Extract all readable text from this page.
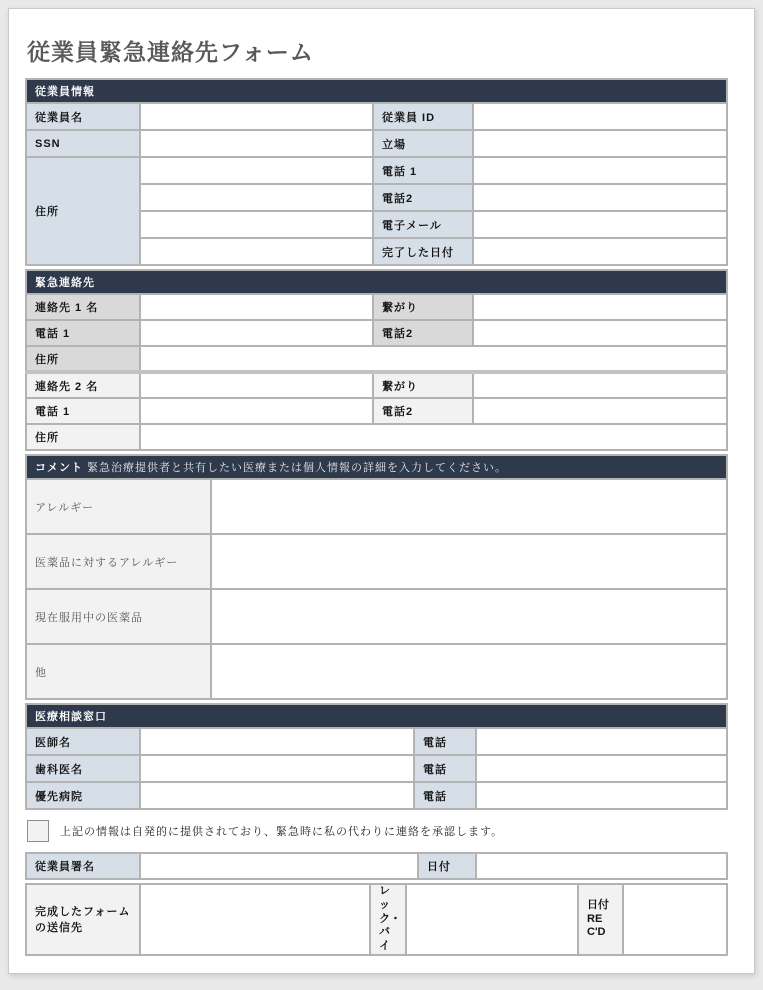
従業員緊急連絡先フォーム
従業員情報			
従業員名		従業員 ID	
SSN		立場	
住所		電話 1	
		電話2	
		電子メール	
		完了した日付	
緊急連絡先			
連絡先 1 名		繋がり	
電話 1		電話2	
住所			
連絡先 2 名		繋がり	
電話 1		電話2	
住所			
コメント 緊急治療提供者と共有したい医療または個人情報の詳細を入力してください。	
アレルギー	
医薬品に対するアレルギー	
現在服用中の医薬品	
他	
医療相談窓口			
医師名		電話	
歯科医名		電話	
優先病院		電話	
上記の情報は自発的に提供されており、緊急時に私の代わりに連絡を承認します。
従業員署名		日付	
完成したフォームの送信先		レック・バイ		日付 REC'D	
